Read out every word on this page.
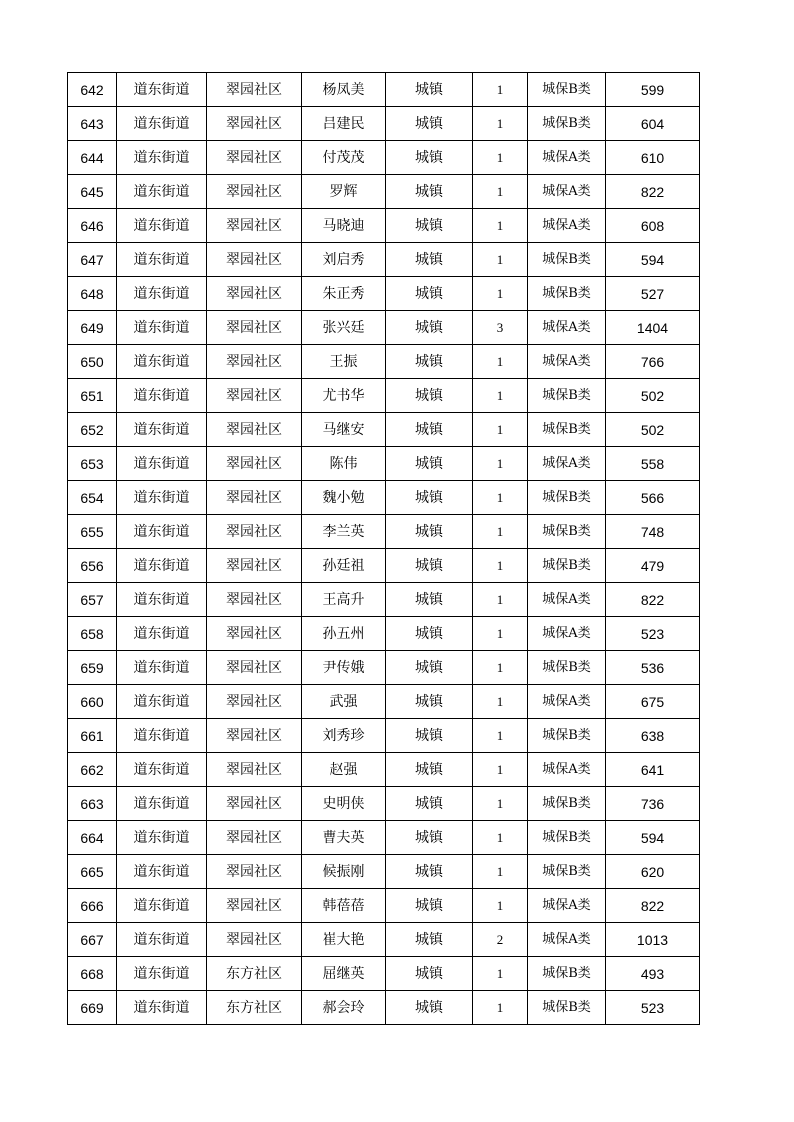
642	道东街道	翠园社区	杨凤美	城镇	1	城保B类	599
643	道东街道	翠园社区	吕建民	城镇	1	城保B类	604
644	道东街道	翠园社区	付茂茂	城镇	1	城保A类	610
645	道东街道	翠园社区	罗辉	城镇	1	城保A类	822
646	道东街道	翠园社区	马晓迪	城镇	1	城保A类	608
647	道东街道	翠园社区	刘启秀	城镇	1	城保B类	594
648	道东街道	翠园社区	朱正秀	城镇	1	城保B类	527
649	道东街道	翠园社区	张兴廷	城镇	3	城保A类	1404
650	道东街道	翠园社区	王振	城镇	1	城保A类	766
651	道东街道	翠园社区	尤书华	城镇	1	城保B类	502
652	道东街道	翠园社区	马继安	城镇	1	城保B类	502
653	道东街道	翠园社区	陈伟	城镇	1	城保A类	558
654	道东街道	翠园社区	魏小勉	城镇	1	城保B类	566
655	道东街道	翠园社区	李兰英	城镇	1	城保B类	748
656	道东街道	翠园社区	孙廷祖	城镇	1	城保B类	479
657	道东街道	翠园社区	王高升	城镇	1	城保A类	822
658	道东街道	翠园社区	孙五州	城镇	1	城保A类	523
659	道东街道	翠园社区	尹传娥	城镇	1	城保B类	536
660	道东街道	翠园社区	武强	城镇	1	城保A类	675
661	道东街道	翠园社区	刘秀珍	城镇	1	城保B类	638
662	道东街道	翠园社区	赵强	城镇	1	城保A类	641
663	道东街道	翠园社区	史明侠	城镇	1	城保B类	736
664	道东街道	翠园社区	曹夫英	城镇	1	城保B类	594
665	道东街道	翠园社区	候振刚	城镇	1	城保B类	620
666	道东街道	翠园社区	韩蓓蓓	城镇	1	城保A类	822
667	道东街道	翠园社区	崔大艳	城镇	2	城保A类	1013
668	道东街道	东方社区	屈继英	城镇	1	城保B类	493
669	道东街道	东方社区	郝会玲	城镇	1	城保B类	523
